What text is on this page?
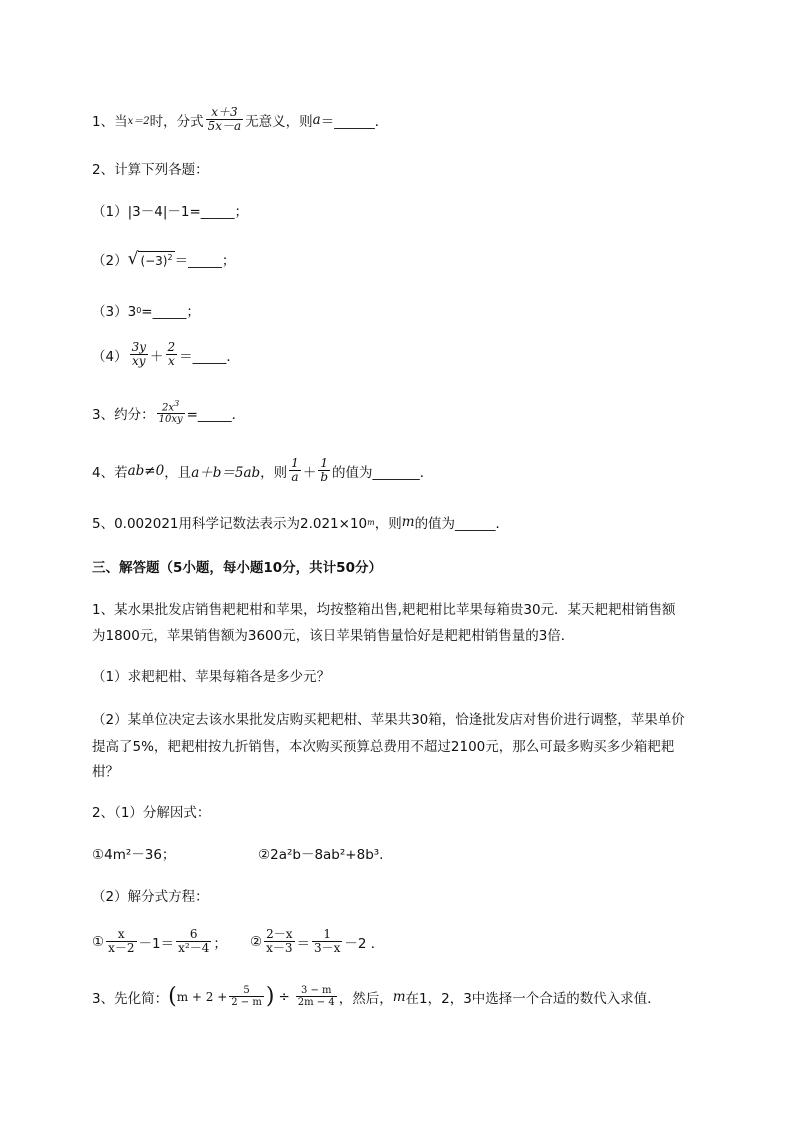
1、当 x＝2 时，分式 $\frac{x+3}{5x-a}$ 无意义，则 a ＝ ______．
2、计算下列各题：
（1）|3－4|－1=_____；
（2） √ $(-3)^2$ ＝_____；
（3）3 0 =_____；
$(4) \frac{3y}{xy} + \frac{2}{x}$ ＝_____．
3、约分： $\frac{2x^3}{10xy}$ =_____．
4、若 ab≠0 ，且 a＋b＝5ab ，则 $\frac{1}{a} + \frac{1}{b}$ 的值为_______．
5、0.002021用科学记数法表示为2.021×10 m ，则 m 的值为______．
三、解答题（5小题，每小题10分，共计50分）
1、某水果批发店销售耙耙柑和苹果，均按整箱出售,耙耙柑比苹果每箱贵30元．某天耙耙柑销售额
为1800元，苹果销售额为3600元，该日苹果销售量恰好是耙耙柑销售量的3倍．
（1）求耙耙柑、苹果每箱各是多少元？
（2）某单位决定去该水果批发店购买耙耙柑、苹果共30箱，恰逢批发店对售价进行调整，苹果单价
提高了5%，耙耙柑按九折销售，本次购买预算总费用不超过2100元，那么可最多购买多少箱耙耙
柑？
2、（1）分解因式：
①4m²－36；	②2a²b－8ab²+8b³.
（2）解分式方程：
① $\frac{x}{x-2} -1= \frac{6}{\text{x²－4}}$ ； ② $\frac{2-x}{x-3} = \frac{1}{3-x} -2$ ．
3、先化简： ( $m + 2 + \frac{5}{2 - m}$ ) ÷ $\frac{3 - m}{2m - 4}$ ，然后， m 在1，2，3中选择一个合适的数代入求值．
